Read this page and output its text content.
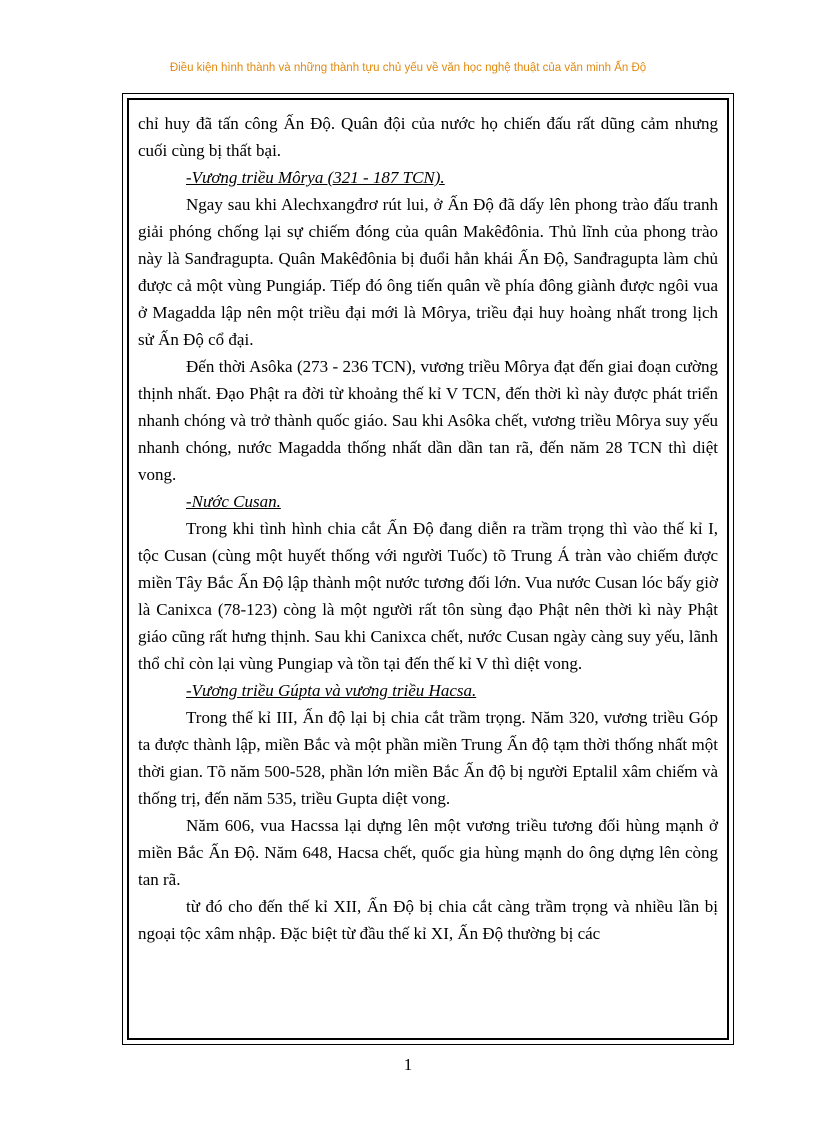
Điều kiện hình thành và những thành tựu chủ yếu về văn học nghệ thuật của văn minh Ấn Độ

chỉ huy đã tấn công Ấn Độ. Quân đội của nước họ chiến đấu rất dũng cảm nhưng cuối cùng bị thất bại.

-Vương triều Môrya (321 - 187 TCN).

Ngay sau khi Alechxangđrơ rút lui, ở Ấn Độ đã dấy lên phong trào đấu tranh giải phóng chống lại sự chiếm đóng của quân Makêđônia. Thủ lĩnh của phong trào này là Sanđragupta. Quân Makêđônia bị đuổi hẳn khái Ấn Độ, Sanđragupta làm chủ được cả một vùng Pungiáp. Tiếp đó ông tiến quân về phía đông giành được ngôi vua ở Magadda lập nên một triều đại mới là Môrya, triều đại huy hoàng nhất trong lịch sử Ấn Độ cổ đại.

Đến thời Asôka (273 - 236 TCN), vương triều Môrya đạt đến giai đoạn cường thịnh nhất. Đạo Phật ra đời từ khoảng thế kỉ V TCN, đến thời kì này được phát triển nhanh chóng và trở thành quốc giáo. Sau khi Asôka chết, vương triều Môrya suy yếu nhanh chóng, nước Magadda thống nhất dần dần tan rã, đến năm 28 TCN thì diệt vong.

-Nước Cusan.

Trong khi tình hình chia cắt Ấn Độ đang diễn ra trầm trọng thì vào thế kỉ I, tộc Cusan (cùng một huyết thống với người Tuốc) tõ Trung Á tràn vào chiếm được miền Tây Bắc Ấn Độ lập thành một nước tương đối lớn. Vua nước Cusan lóc bấy giờ là Canixca (78-123) còng là một người rất tôn sùng đạo Phật nên thời kì này Phật giáo cũng rất hưng thịnh. Sau khi Canixca chết, nước Cusan ngày càng suy yếu, lãnh thổ chỉ còn lại vùng Pungiap và tồn tại đến thế kỉ V thì diệt vong.

-Vương triều Gúpta và vương triều Hacsa.

Trong thế kỉ III, Ấn độ lại bị chia cắt trầm trọng. Năm 320, vương triều Góp ta được thành lập, miền Bắc và một phần miền Trung Ấn độ tạm thời thống nhất một thời gian. Tõ năm 500-528, phần lớn miền Bắc Ấn độ bị người Eptalil xâm chiếm và thống trị, đến năm 535, triều Gupta diệt vong.

Năm 606, vua Hacssa lại dựng lên một vương triều tương đối hùng mạnh ở miền Bắc Ấn Độ. Năm 648, Hacsa chết, quốc gia hùng mạnh do ông dựng lên còng tan rã.

từ đó cho đến thế kỉ XII, Ấn Độ bị chia cắt càng trầm trọng và nhiều lần bị ngoại tộc xâm nhập. Đặc biệt từ đầu thế kỉ XI, Ấn Độ thường bị các

1
